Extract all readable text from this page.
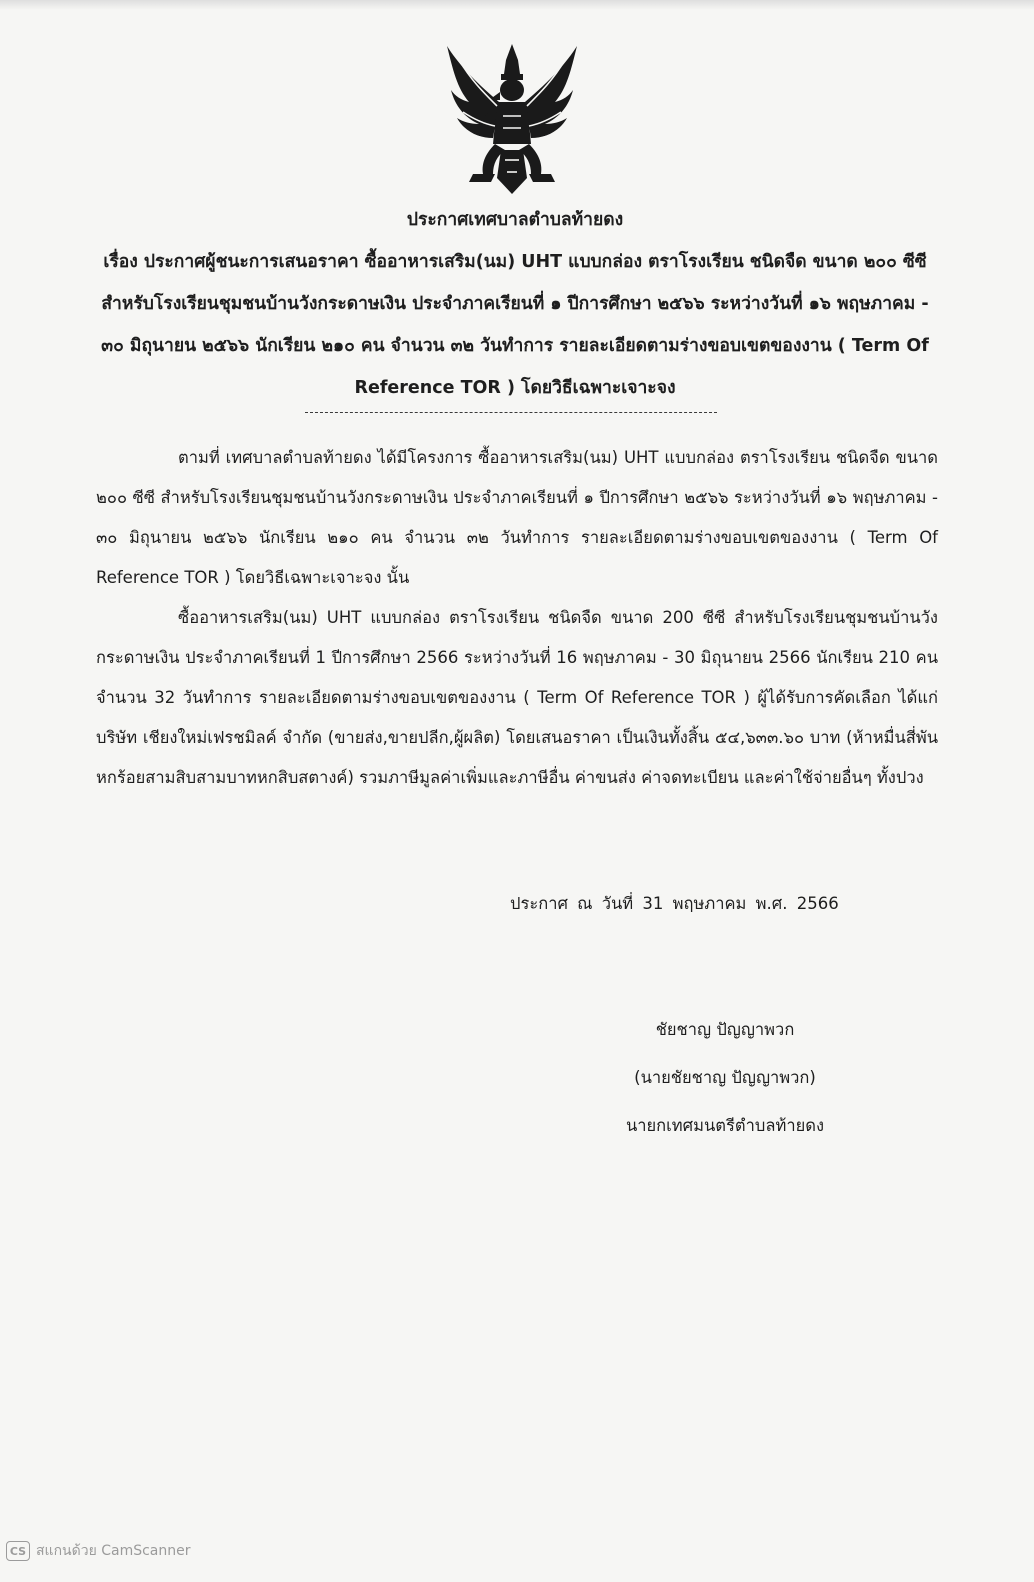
ประกาศเทศบาลตำบลท้ายดง
เรื่อง ประกาศผู้ชนะการเสนอราคา ซื้ออาหารเสริม(นม) UHT แบบกล่อง ตราโรงเรียน ชนิดจืด ขนาด ๒๐๐ ซีซี สำหรับโรงเรียนชุมชนบ้านวังกระดาษเงิน ประจำภาคเรียนที่ ๑ ปีการศึกษา ๒๕๖๖ ระหว่างวันที่ ๑๖ พฤษภาคม - ๓๐ มิถุนายน ๒๕๖๖ นักเรียน ๒๑๐ คน จำนวน ๓๒ วันทำการ รายละเอียดตามร่างขอบเขตของงาน ( Term Of Reference TOR ) โดยวิธีเฉพาะเจาะจง

ตามที่ เทศบาลตำบลท้ายดง ได้มีโครงการ ซื้ออาหารเสริม(นม) UHT แบบกล่อง ตราโรงเรียน ชนิดจืด ขนาด ๒๐๐ ซีซี สำหรับโรงเรียนชุมชนบ้านวังกระดาษเงิน ประจำภาคเรียนที่ ๑ ปีการศึกษา ๒๕๖๖ ระหว่างวันที่ ๑๖ พฤษภาคม - ๓๐ มิถุนายน ๒๕๖๖ นักเรียน ๒๑๐ คน จำนวน ๓๒ วันทำการ รายละเอียดตามร่างขอบเขตของงาน ( Term Of Reference TOR ) โดยวิธีเฉพาะเจาะจง นั้น

ซื้ออาหารเสริม(นม) UHT แบบกล่อง ตราโรงเรียน ชนิดจืด ขนาด 200 ซีซี สำหรับโรงเรียนชุมชนบ้านวังกระดาษเงิน ประจำภาคเรียนที่ 1 ปีการศึกษา 2566 ระหว่างวันที่ 16 พฤษภาคม - 30 มิถุนายน 2566 นักเรียน 210 คน จำนวน 32 วันทำการ รายละเอียดตามร่างขอบเขตของงาน ( Term Of Reference TOR ) ผู้ได้รับการคัดเลือก ได้แก่ บริษัท เชียงใหม่เฟรชมิลค์ จำกัด (ขายส่ง,ขายปลีก,ผู้ผลิต) โดยเสนอราคา เป็นเงินทั้งสิ้น ๕๔,๖๓๓.๖๐ บาท (ห้าหมื่นสี่พันหกร้อยสามสิบสามบาทหกสิบสตางค์) รวมภาษีมูลค่าเพิ่มและภาษีอื่น ค่าขนส่ง ค่าจดทะเบียน และค่าใช้จ่ายอื่นๆ ทั้งปวง

ประกาศ ณ วันที่ 31 พฤษภาคม พ.ศ. 2566
ชัยชาญ ปัญญาพวก
(นายชัยชาญ ปัญญาพวก)
นายกเทศมนตรีตำบลท้ายดง
CS สแกนด้วย CamScanner
